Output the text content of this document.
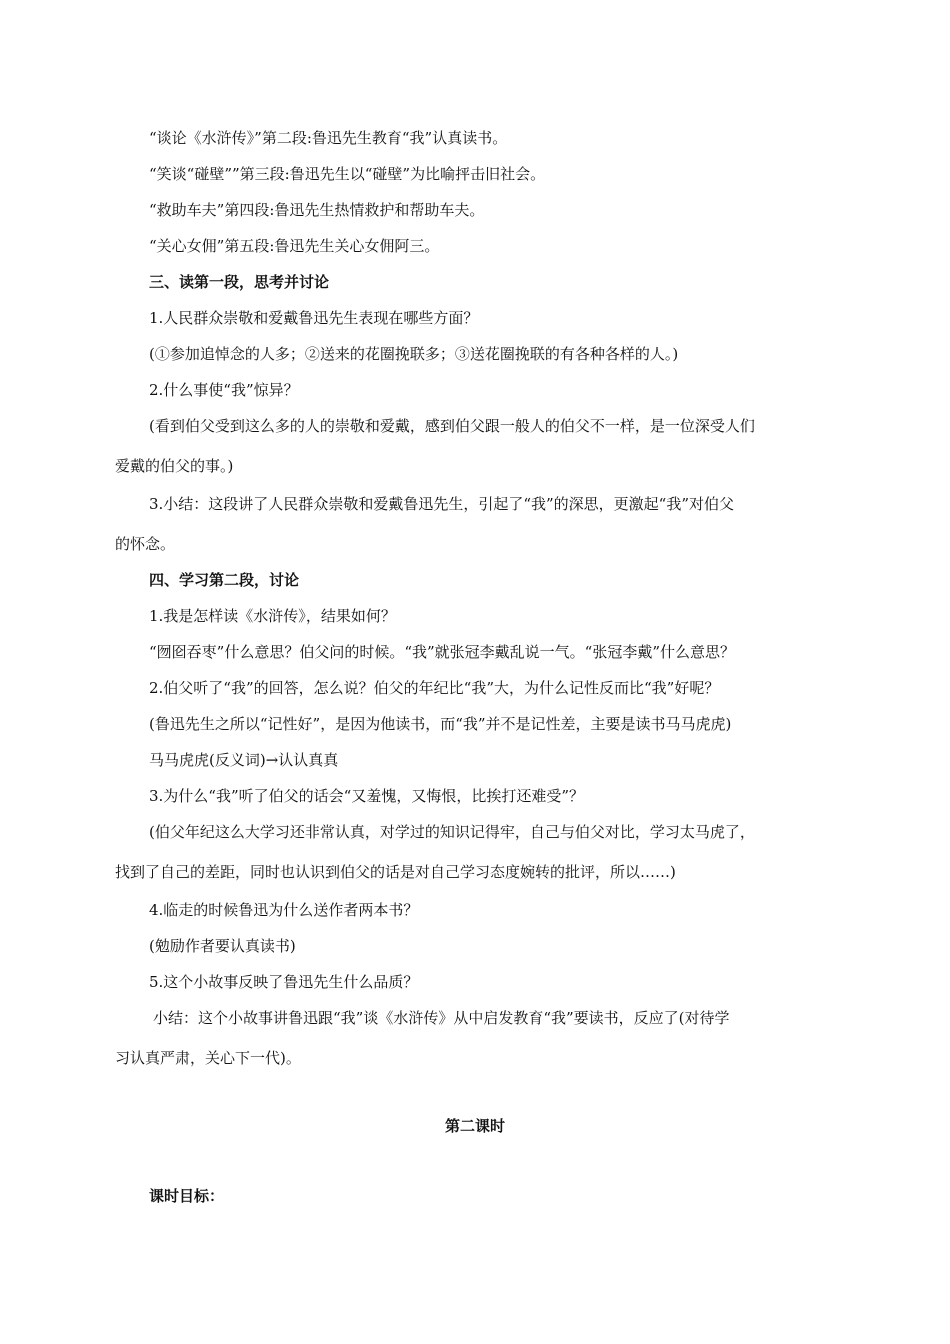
“谈论《水浒传》”第二段:鲁迅先生教育“我”认真读书。
“笑谈“碰壁””第三段:鲁迅先生以“碰壁”为比喻抨击旧社会。
“救助车夫”第四段:鲁迅先生热情救护和帮助车夫。
“关心女佣”第五段:鲁迅先生关心女佣阿三。
三、读第一段，思考并讨论
1.人民群众崇敬和爱戴鲁迅先生表现在哪些方面？
(①参加追悼念的人多；②送来的花圈挽联多；③送花圈挽联的有各种各样的人。)
2.什么事使“我”惊异？
(看到伯父受到这么多的人的崇敬和爱戴，感到伯父跟一般人的伯父不一样，是一位深受人们
爱戴的伯父的事。)
3.小结：这段讲了人民群众崇敬和爱戴鲁迅先生，引起了“我”的深思，更激起“我”对伯父
的怀念。
四、学习第二段，讨论
1.我是怎样读《水浒传》，结果如何？
“囫囵吞枣”什么意思？伯父问的时候。“我”就张冠李戴乱说一气。“张冠李戴”什么意思？
2.伯父听了“我”的回答，怎么说？伯父的年纪比“我”大，为什么记性反而比“我”好呢？
(鲁迅先生之所以“记性好”，是因为他读书，而“我”并不是记性差，主要是读书马马虎虎)
马马虎虎(反义词)→认认真真
3.为什么“我”听了伯父的话会“又羞愧，又悔恨，比挨打还难受”？
(伯父年纪这么大学习还非常认真，对学过的知识记得牢，自己与伯父对比，学习太马虎了，
找到了自己的差距，同时也认识到伯父的话是对自己学习态度婉转的批评，所以……)
4.临走的时候鲁迅为什么送作者两本书？
(勉励作者要认真读书)
5.这个小故事反映了鲁迅先生什么品质？
小结：这个小故事讲鲁迅跟“我”谈《水浒传》从中启发教育“我”要读书，反应了(对待学
习认真严肃，关心下一代)。
第二课时
课时目标：
